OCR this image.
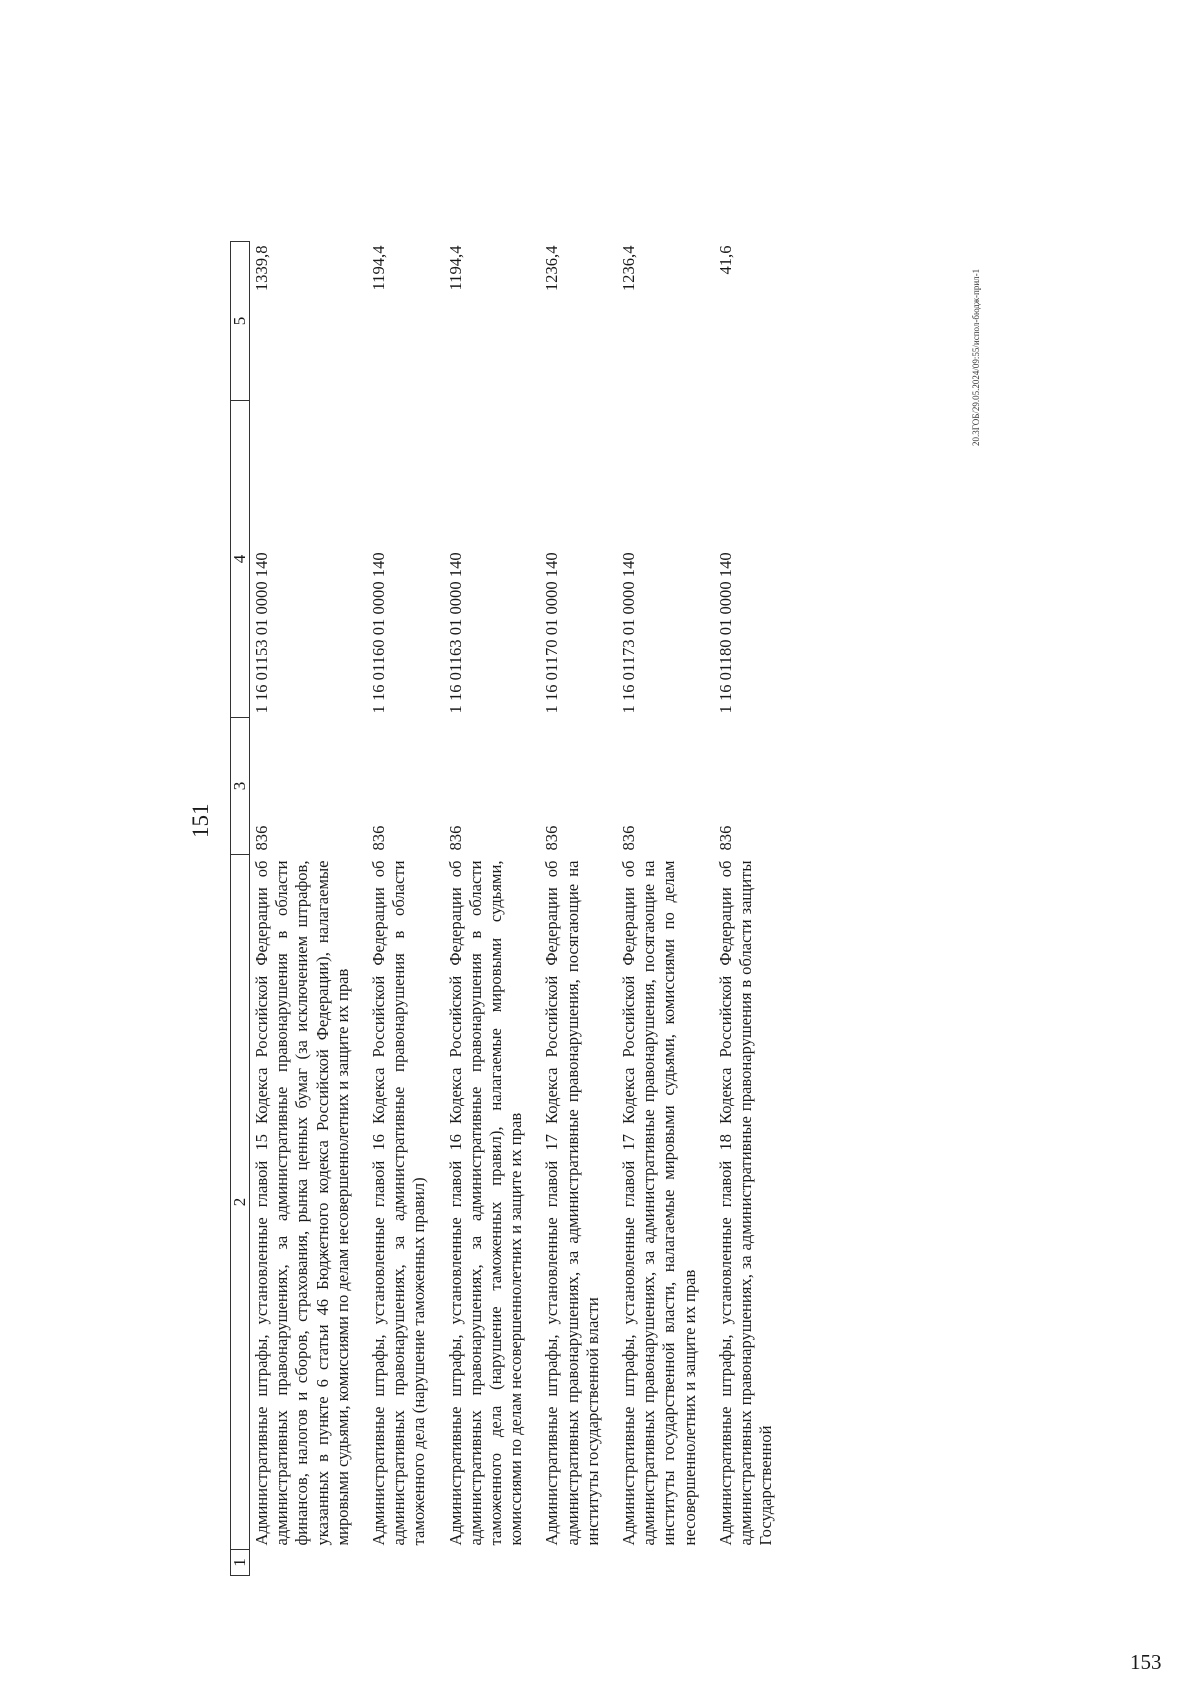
153
151
1	2	3	4	5
	Административные штрафы, установленные главой 15 Кодекса Российской Федерации об административных правонарушениях, за административные правонарушения в области финансов, налогов и сборов, страхования, рынка ценных бумаг (за исключением штрафов, указанных в пункте 6 статьи 46 Бюджетного кодекса Российской Федерации), налагаемые мировыми судьями, комиссиями по делам несовершеннолетних и защите их прав	836	1 16 01153 01 0000 140	1339,8
	Административные штрафы, установленные главой 16 Кодекса Российской Федерации об административных правонарушениях, за административные правонарушения в области таможенного дела (нарушение таможенных правил)	836	1 16 01160 01 0000 140	1194,4
	Административные штрафы, установленные главой 16 Кодекса Российской Федерации об административных правонарушениях, за административные правонарушения в области таможенного дела (нарушение таможенных правил), налагаемые мировыми судьями, комиссиями по делам несовершеннолетних и защите их прав	836	1 16 01163 01 0000 140	1194,4
	Административные штрафы, установленные главой 17 Кодекса Российской Федерации об административных правонарушениях, за административные правонарушения, посягающие на институты государственной власти	836	1 16 01170 01 0000 140	1236,4
	Административные штрафы, установленные главой 17 Кодекса Российской Федерации об административных правонарушениях, за административные правонарушения, посягающие на институты государственной власти, налагаемые мировыми судьями, комиссиями по делам несовершеннолетних и защите их прав	836	1 16 01173 01 0000 140	1236,4
	Административные штрафы, установленные главой 18 Кодекса Российской Федерации об административных правонарушениях, за административные правонарушения в области защиты Государственной	836	1 16 01180 01 0000 140	41,6
20.3ГОБ/29.05.2024/09:55/испол-бюдж-прил-1
